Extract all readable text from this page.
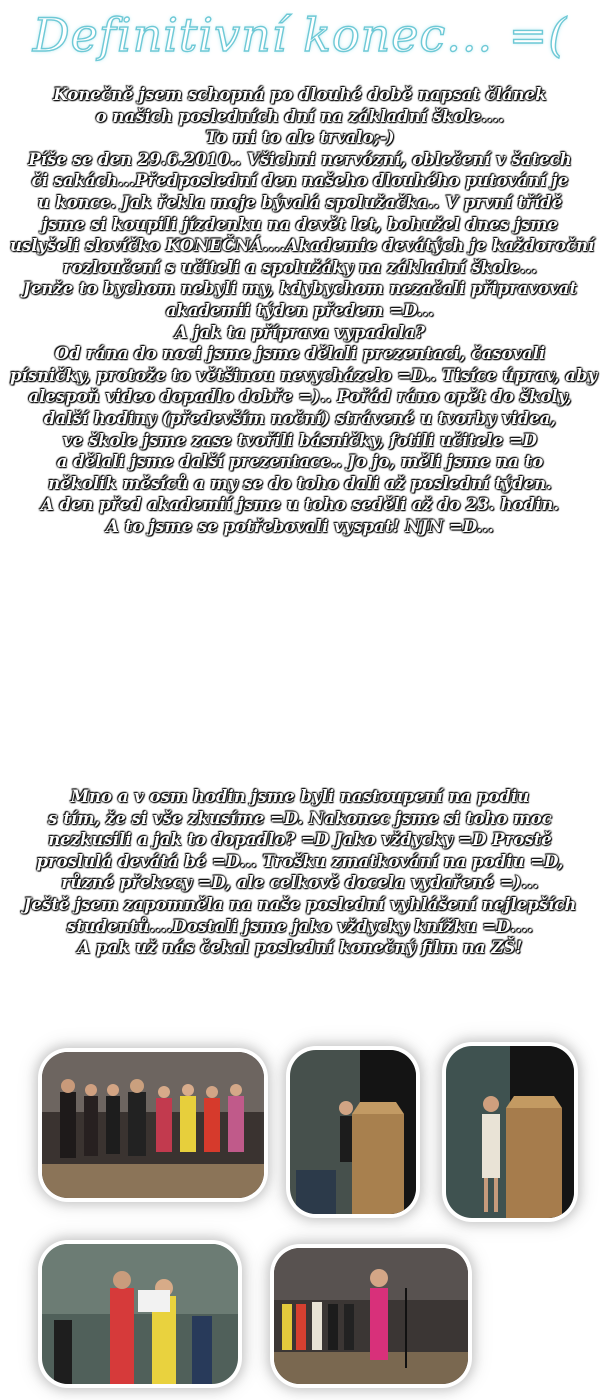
Definitivní konec... =(
Konečně jsem schopná po dlouhé době napsat článek
o našich posledních dní na základní škole....
To mi to ale trvalo;-)
Píše se den 29.6.2010.. Všichni nervózní, oblečení v šatech
či sakách...Předposlední den našeho dlouhého putování je
u konce. Jak řekla moje bývalá spolužačka.. V první třídě
jsme si koupili jízdenku na devět let, bohužel dnes jsme
uslyšeli slovíčko KONEČNÁ....Akademie devátých je každoroční
rozloučení s učiteli a spolužáky na základní škole...
Jenže to bychom nebyli my, kdybychom nezačali připravovat
akademii týden předem =D...
A jak ta příprava vypadala?
Od rána do noci jsme jsme dělali prezentaci, časovali
písničky, protože to většinou nevycházelo =D.. Tisíce úprav, aby
alespoň video dopadlo dobře =).. Pořád ráno opět do školy,
další hodiny (především noční) strávené u tvorby videa,
ve škole jsme zase tvořili básničky, fotili učitele =D
a dělali jsme další prezentace.. Jo jo, měli jsme na to
několik měsíců a my se do toho dali až poslední týden.
A den před akademií jsme u toho seděli až do 23. hodin.
A to jsme se potřebovali vyspat! NJN =D...
Mno a v osm hodin jsme byli nastoupení na podiu
s tím, že si vše zkusíme =D. Nakonec jsme si toho moc
nezkusili a jak to dopadlo? =D Jako vždycky =D Prostě
proslulá devátá bé =D... Trošku zmatkování na podiu =D,
různé překecy =D, ale celkově docela vydařené =)...
Ještě jsem zapomněla na naše poslední vyhlášení nejlepších
studentů....Dostali jsme jako vždycky knížku =D....
A pak už nás čekal poslední konečný film na ZŠ!
